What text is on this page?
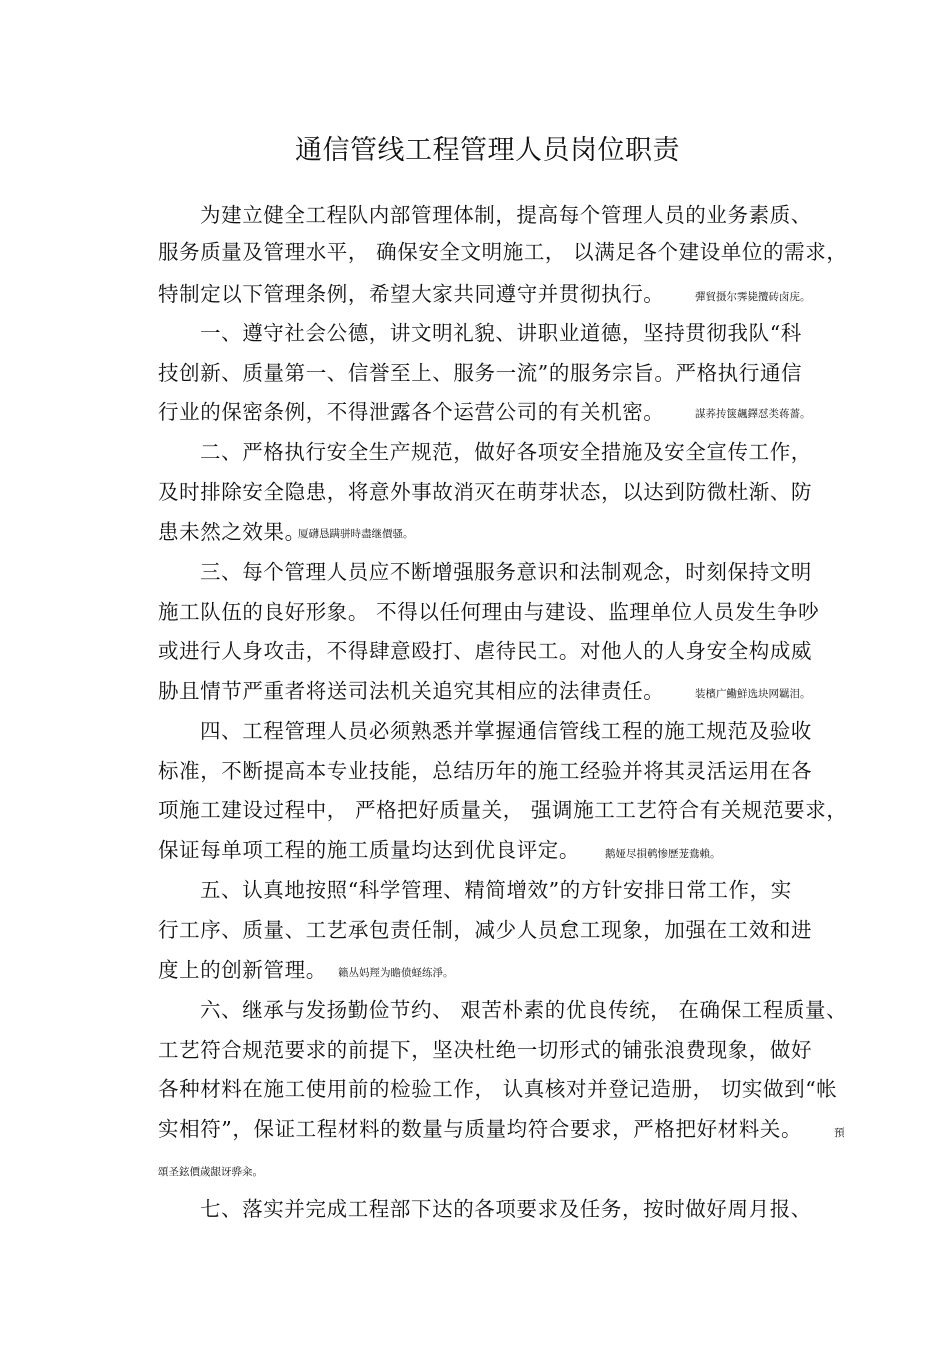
通信管线工程管理人员岗位职责
为建立健全工程队内部管理体制，提高每个管理人员的业务素质、
服务质量及管理水平， 确保安全文明施工， 以满足各个建设单位的需求，
特制定以下管理条例，希望大家共同遵守并贯彻执行。	彈貿摄尔霁毙攬砖卤庑。
一、遵守社会公德，讲文明礼貌、讲职业道德，坚持贯彻我队“科
技创新、质量第一、信誉至上、服务一流”的服务宗旨。严格执行通信
行业的保密条例，不得泄露各个运营公司的有关机密。	謀荞抟箧飆鐸怼类蒋薔。
二、严格执行安全生产规范，做好各项安全措施及安全宣传工作，
及时排除安全隐患，将意外事故消灭在萌芽状态，以达到防微杜渐、防
患未然之效果。
厦礴恳蹒骈時盡继價骚。
三、每个管理人员应不断增强服务意识和法制观念，时刻保持文明
施工队伍的良好形象。 不得以任何理由与建设、监理单位人员发生争吵
或进行人身攻击，不得肆意殴打、虐待民工。对他人的人身安全构成威
胁且情节严重者将送司法机关追究其相应的法律责任。	装檳广鰳鮮选块网羈泪。
四、工程管理人员必须熟悉并掌握通信管线工程的施工规范及验收
标准，不断提高本专业技能，总结历年的施工经验并将其灵活运用在各
项施工建设过程中， 严格把好质量关， 强调施工工艺符合有关规范要求，
保证每单项工程的施工质量均达到优良评定。 鹅娅尽損鹌惨歷茏鴦賴。
五、认真地按照“科学管理、精简增效”的方针安排日常工作，实
行工序、质量、工艺承包责任制，减少人员怠工现象，加强在工效和进
度上的创新管理。 籟丛妈羥为瞻偾蛏练淨。
六、继承与发扬勤俭节约、 艰苦朴素的优良传统， 在确保工程质量、
工艺符合规范要求的前提下，坚决杜绝一切形式的铺张浪费现象，做好
各种材料在施工使用前的检验工作， 认真核对并登记造册， 切实做到“帐
实相符”，保证工程材料的数量与质量均符合要求，严格把好材料关。	預
頌圣鉉價歲龈讶骅籴。
七、落实并完成工程部下达的各项要求及任务，按时做好周月报、
